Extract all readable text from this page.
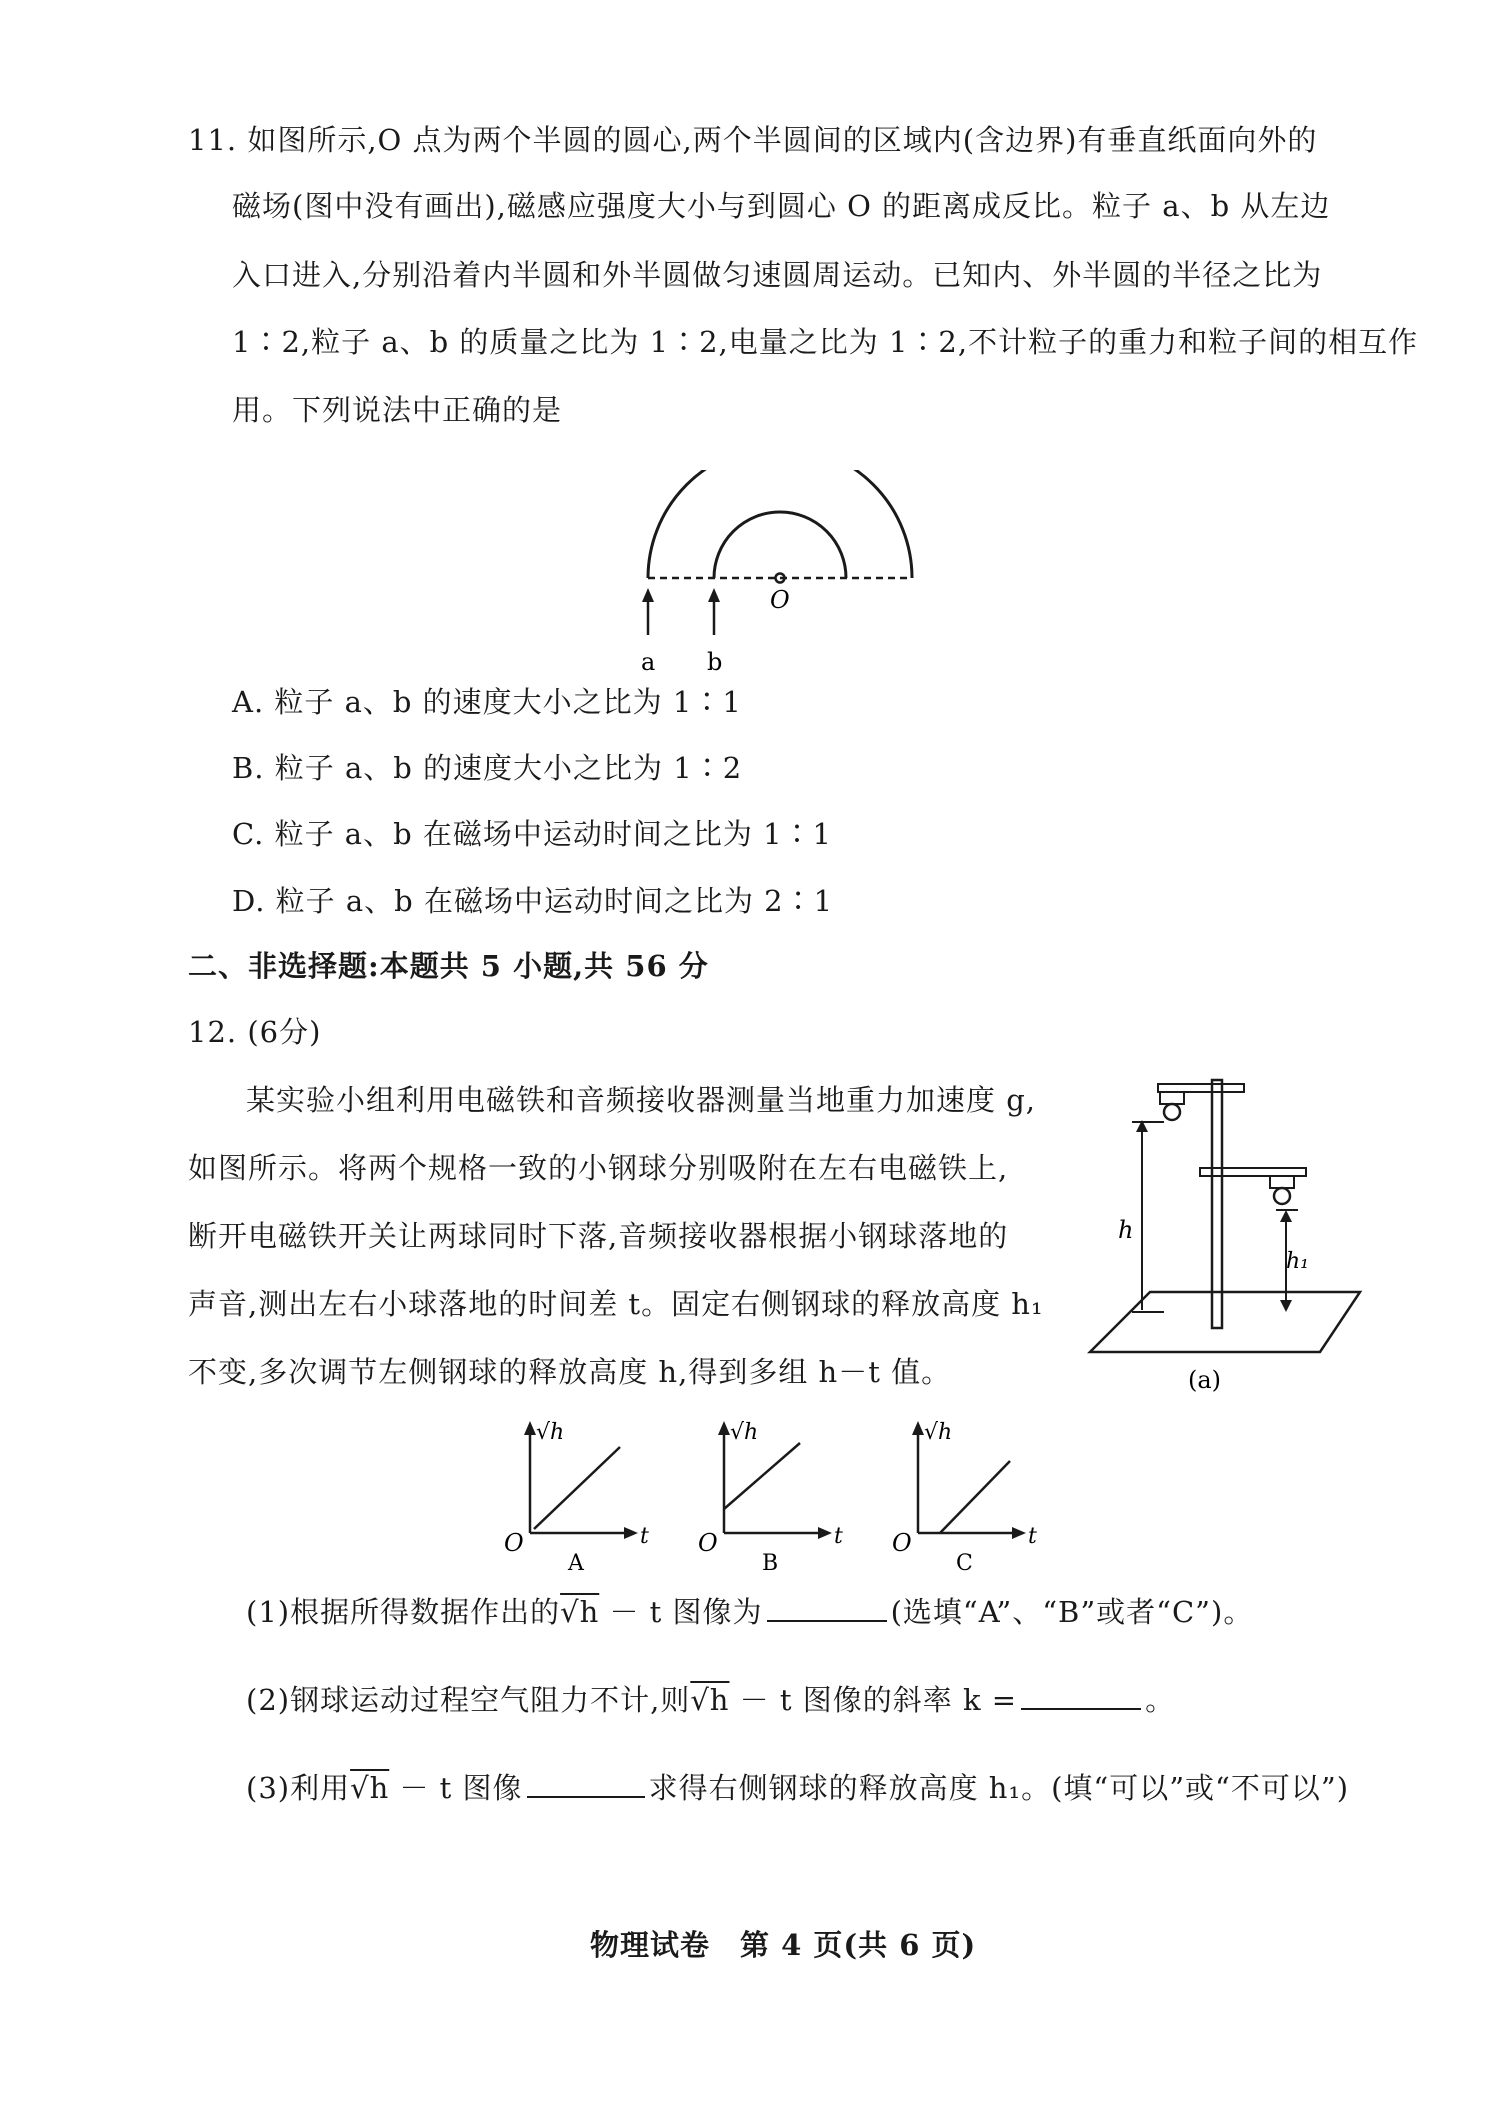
11. 如图所示,O 点为两个半圆的圆心,两个半圆间的区域内(含边界)有垂直纸面向外的
磁场(图中没有画出),磁感应强度大小与到圆心 O 的距离成反比。粒子 a、b 从左边
入口进入,分别沿着内半圆和外半圆做匀速圆周运动。已知内、外半圆的半径之比为
1∶2,粒子 a、b 的质量之比为 1∶2,电量之比为 1∶2,不计粒子的重力和粒子间的相互作
用。下列说法中正确的是
O
a b
A. 粒子 a、b 的速度大小之比为 1∶1
B. 粒子 a、b 的速度大小之比为 1∶2
C. 粒子 a、b 在磁场中运动时间之比为 1∶1
D. 粒子 a、b 在磁场中运动时间之比为 2∶1
二、非选择题:本题共 5 小题,共 56 分
12. (6分)
某实验小组利用电磁铁和音频接收器测量当地重力加速度 g,
如图所示。将两个规格一致的小钢球分别吸附在左右电磁铁上,
断开电磁铁开关让两球同时下落,音频接收器根据小钢球落地的
声音,测出左右小球落地的时间差 t。固定右侧钢球的释放高度 h₁
不变,多次调节左侧钢球的释放高度 h,得到多组 h－t 值。
h
h₁
(a)
√h
t
O
A
√h
t
O
B
√h
t
O
C
(1)根据所得数据作出的√h － t 图像为	(选填“A”、“B”或者“C”)。
(2)钢球运动过程空气阻力不计,则√h － t 图像的斜率 k =	。
(3)利用√h － t 图像	求得右侧钢球的释放高度 h₁。(填“可以”或“不可以”)
物理试卷　第 4 页(共 6 页)
